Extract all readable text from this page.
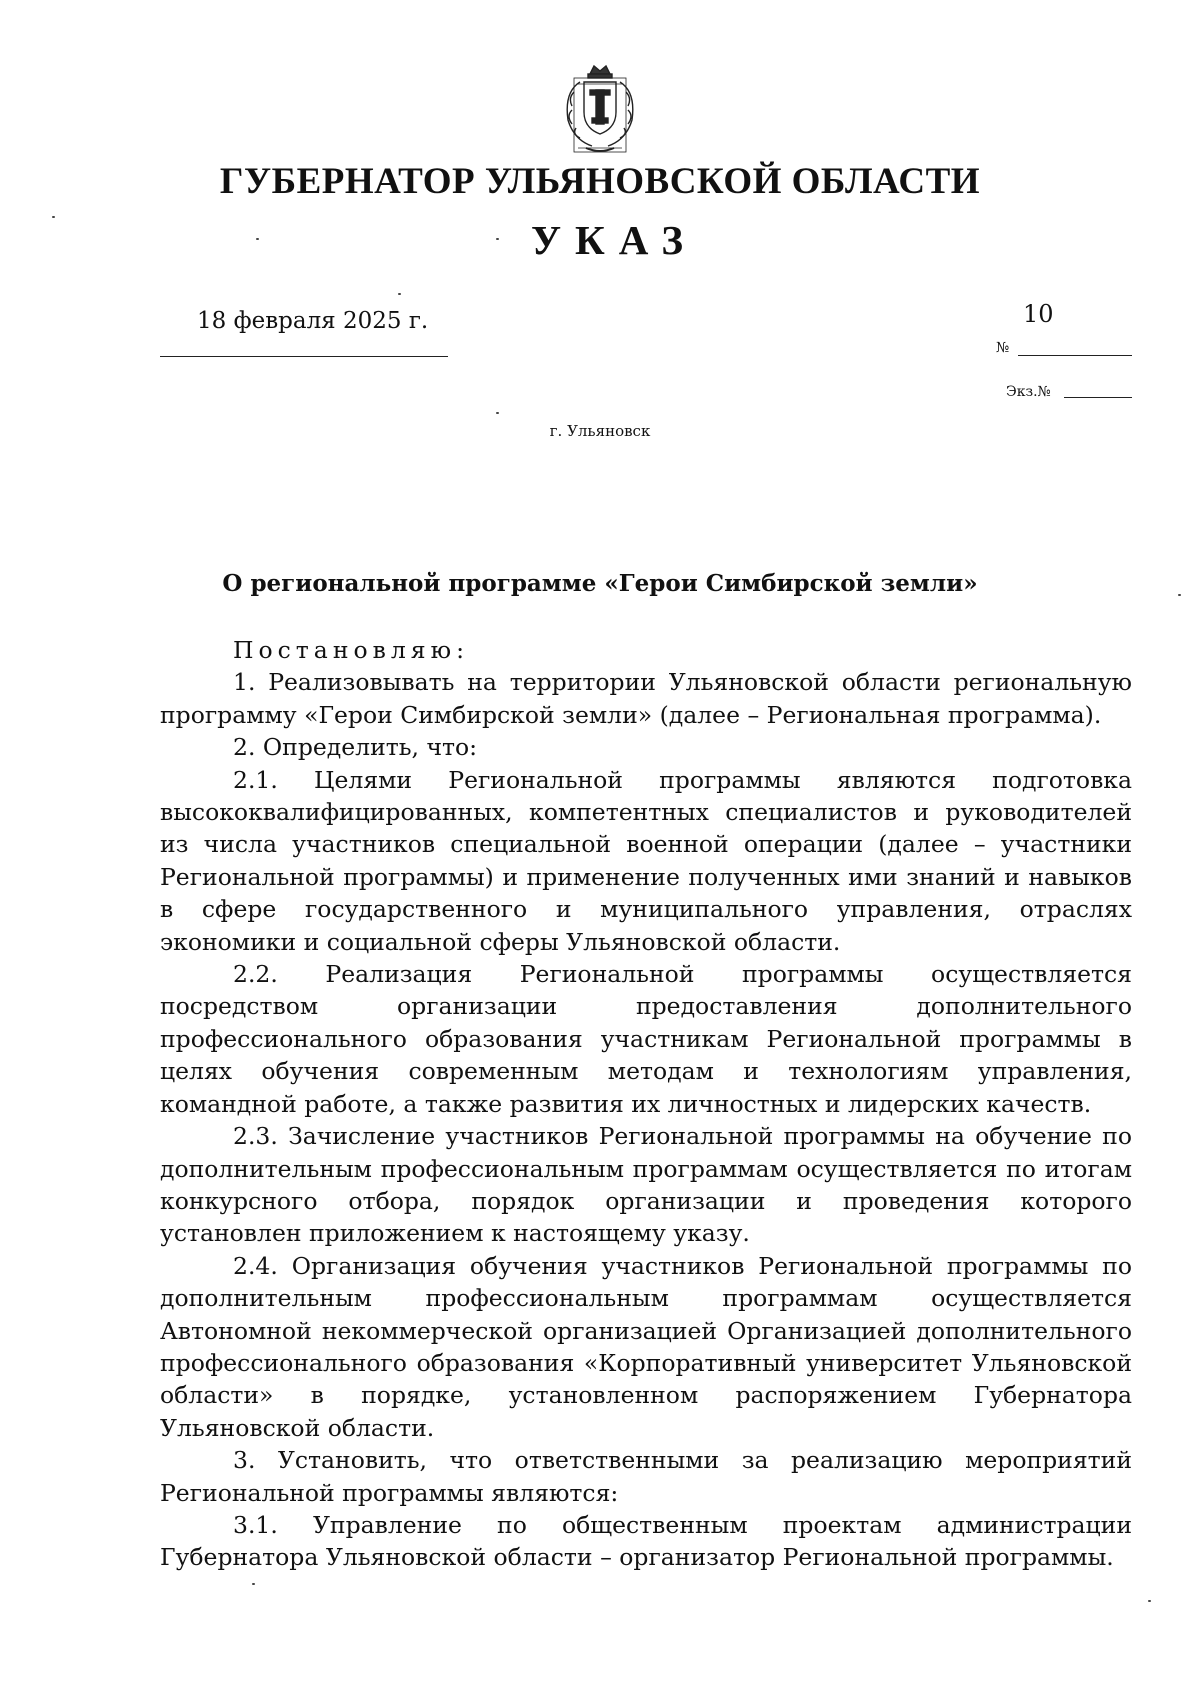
ГУБЕРНАТОР УЛЬЯНОВСКОЙ ОБЛАСТИ
УКАЗ
18 февраля 2025 г.	10
№
Экз.№
г. Ульяновск
О региональной программе «Герои Симбирской земли»

Постановляю:

1. Реализовывать на территории Ульяновской области региональную программу «Герои Симбирской земли» (далее – Региональная программа).

2. Определить, что:

2.1. Целями Региональной программы являются подготовка высококвалифицированных, компетентных специалистов и руководителей из числа участников специальной военной операции (далее – участники Региональной программы) и применение полученных ими знаний и навыков в сфере государственного и муниципального управления, отраслях экономики и социальной сферы Ульяновской области.

2.2. Реализация Региональной программы осуществляется посредством организации предоставления дополнительного профессионального образования участникам Региональной программы в целях обучения современным методам и технологиям управления, командной работе, а также развития их личностных и лидерских качеств.

2.3. Зачисление участников Региональной программы на обучение по дополнительным профессиональным программам осуществляется по итогам конкурсного отбора, порядок организации и проведения которого установлен приложением к настоящему указу.

2.4. Организация обучения участников Региональной программы по дополнительным профессиональным программам осуществляется Автономной некоммерческой организацией Организацией дополнительного профессионального образования «Корпоративный университет Ульяновской области» в порядке, установленном распоряжением Губернатора Ульяновской области.

3. Установить, что ответственными за реализацию мероприятий Региональной программы являются:

3.1. Управление по общественным проектам администрации Губернатора Ульяновской области – организатор Региональной программы.
